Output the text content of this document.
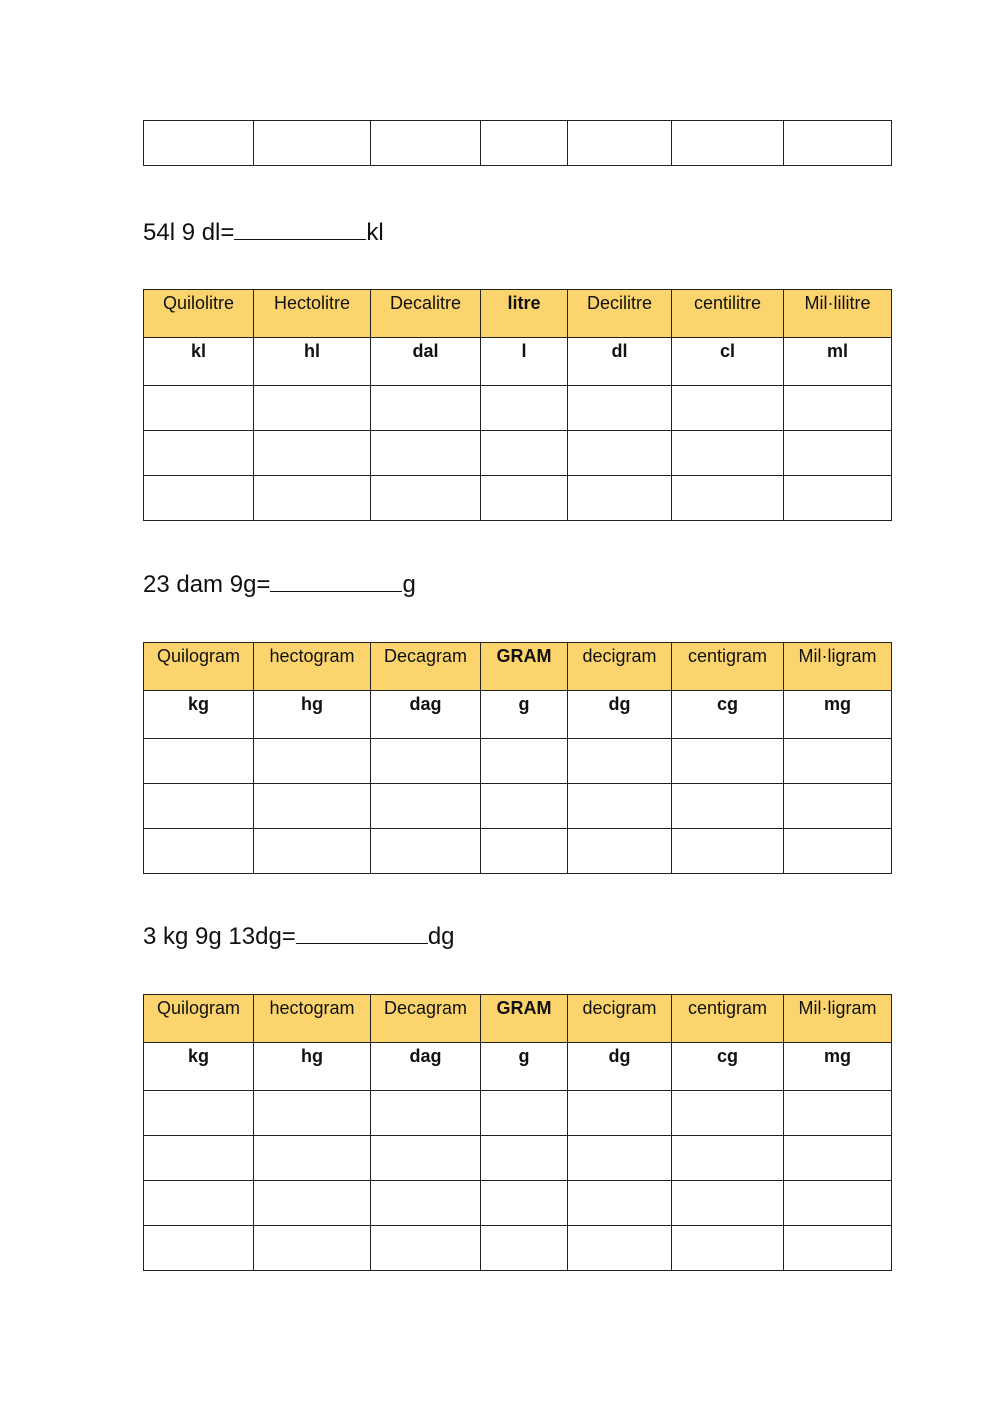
54l 9 dl=	kl
Quilolitre	Hectolitre	Decalitre	litre	Decilitre	centilitre	Mil·lilitre
kl	hl	dal	l	dl	cl	ml

23 dam 9g=	g
Quilogram	hectogram	Decagram	GRAM	decigram	centigram	Mil·ligram
kg	hg	dag	g	dg	cg	mg

3 kg 9g 13dg=	dg
Quilogram	hectogram	Decagram	GRAM	decigram	centigram	Mil·ligram
kg	hg	dag	g	dg	cg	mg
